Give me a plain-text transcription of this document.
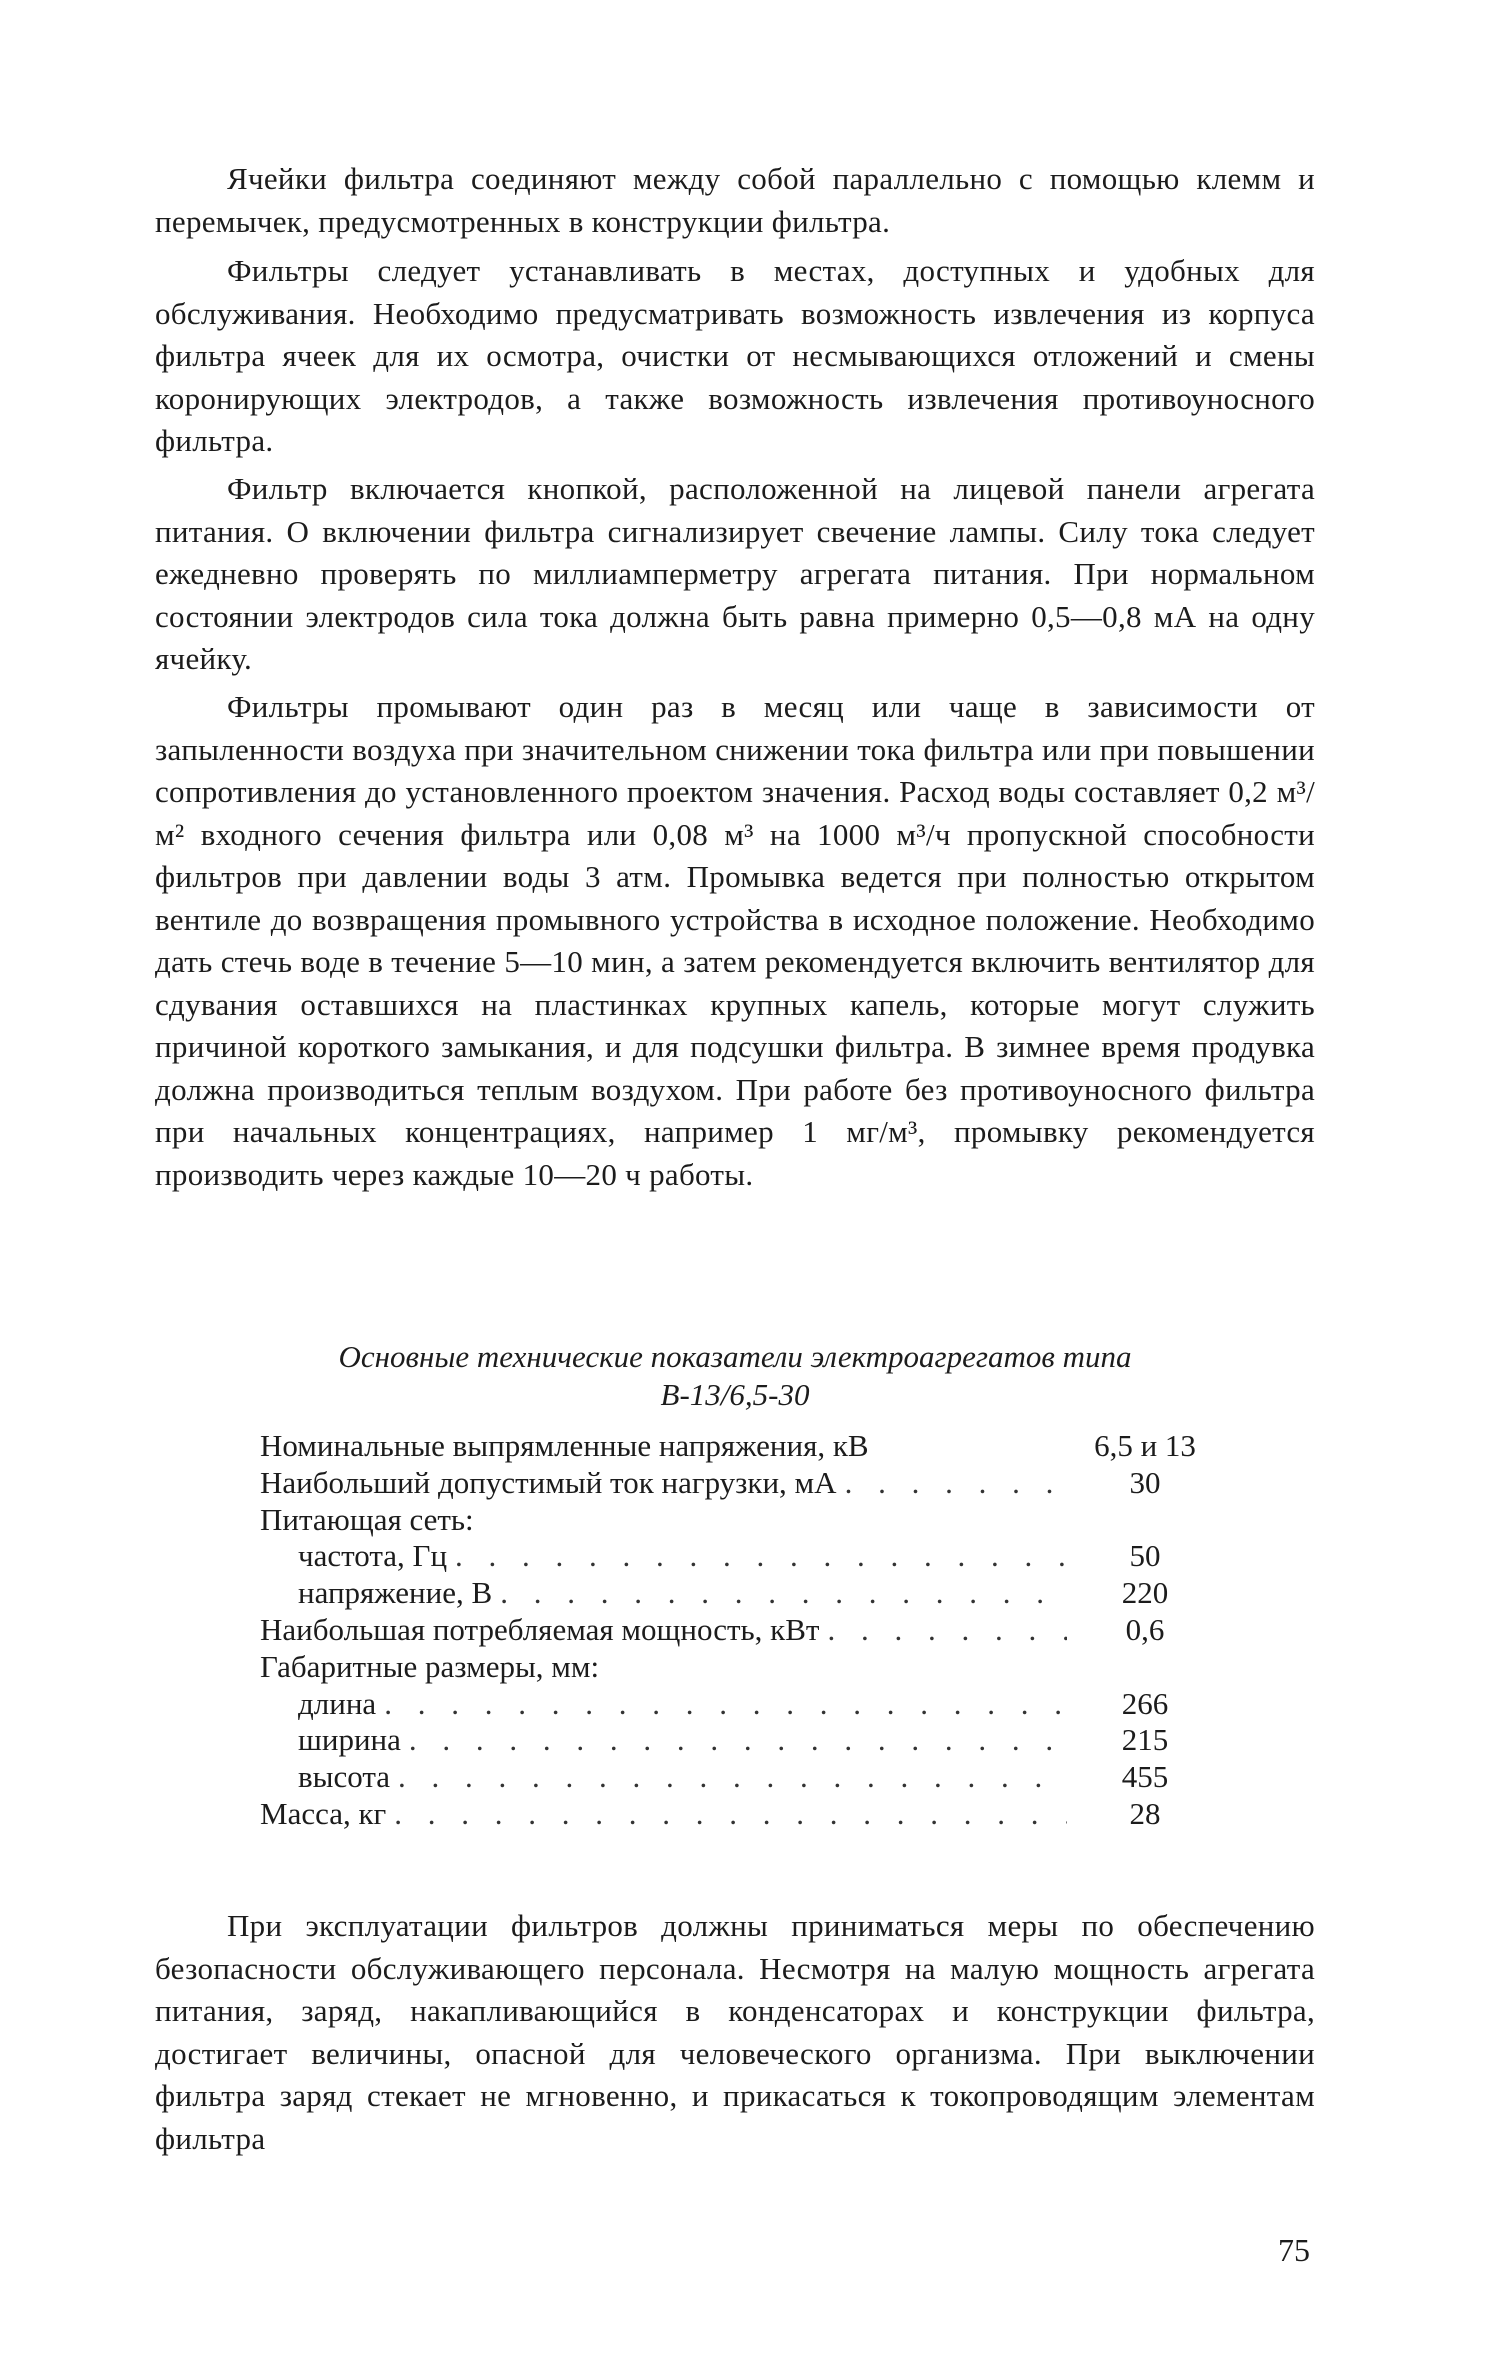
Ячейки фильтра соединяют между собой параллельно с помощью клемм и перемычек, предусмотренных в конструкции фильтра.

Фильтры следует устанавливать в местах, доступных и удобных для обслуживания. Необходимо предусматривать возможность извлечения из корпуса фильтра ячеек для их осмотра, очистки от несмывающихся отложений и смены коронирующих электродов, а также возможность извлечения противоуносного фильтра.

Фильтр включается кнопкой, расположенной на лицевой панели агрегата питания. О включении фильтра сигнализирует свечение лампы. Силу тока следует ежедневно проверять по миллиамперметру агрегата питания. При нормальном состоянии электродов сила тока должна быть равна примерно 0,5—0,8 мА на одну ячейку.

Фильтры промывают один раз в месяц или чаще в зависимости от запыленности воздуха при значительном снижении тока фильтра или при повышении сопротивления до установленного проектом значения. Расход воды составляет 0,2 м³/м² входного сечения фильтра или 0,08 м³ на 1000 м³/ч пропускной способности фильтров при давлении воды 3 атм. Промывка ведется при полностью открытом вентиле до возвращения промывного устройства в исходное положение. Необходимо дать стечь воде в течение 5—10 мин, а затем рекомендуется включить вентилятор для сдувания оставшихся на пластинках крупных капель, которые могут служить причиной короткого замыкания, и для подсушки фильтра. В зимнее время продувка должна производиться теплым воздухом. При работе без противоуносного фильтра при начальных концентрациях, например 1 мг/м³, промывку рекомендуется производить через каждые 10—20 ч работы.

Основные технические показатели электроагрегатов типа
В-13/6,5-30
Номинальные выпрямленные напряжения, кВ	6,5 и 13
Наибольший допустимый ток нагрузки, мА . . .	30
Питающая сеть:
частота, Гц . . .	50
напряжение, В . . .	220
Наибольшая потребляемая мощность, кВт . . .	0,6
Габаритные размеры, мм:
длина . . .	266
ширина . . .	215
высота . . .	455
Масса, кг . . .	28

При эксплуатации фильтров должны приниматься меры по обеспечению безопасности обслуживающего персонала. Несмотря на малую мощность агрегата питания, заряд, накапливающийся в конденсаторах и конструкции фильтра, достигает величины, опасной для человеческого организма. При выключении фильтра заряд стекает не мгновенно, и прикасаться к токопроводящим элементам фильтра

75
